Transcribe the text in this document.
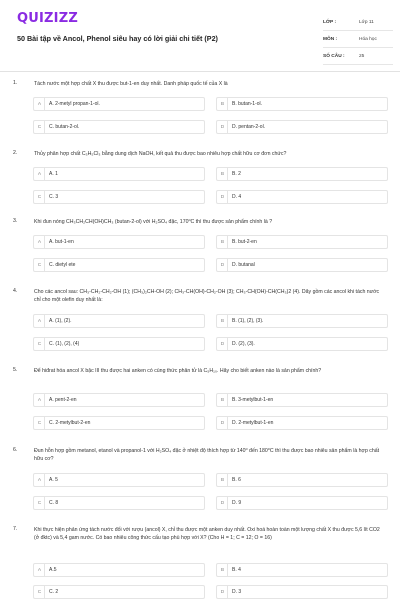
QUIZIZZ
50 Bài tập về Ancol, Phenol siêu hay có lời giải chi tiết (P2)
LỚP :	Lớp 11
MÔN :	Hóa học
SỐ CÂU :	25
1.	Tách nước một hợp chất X thu được but-1-en duy nhất. Danh pháp quốc tế của X là
A	A. 2-metyl propan-1-ol.	B	B. butan-1-ol.
C	C. butan-2-ol.	D	D. pentan-2-ol.
2.	Thủy phân hợp chất C₃H₅Cl₃ bằng dung dịch NaOH, kết quả thu được bao nhiêu hợp chất hữu cơ đơn chức?
A	A. 1	B	B. 2
C	C. 3	D	D. 4
3.	Khi đun nóng CH₃CH₂CH(OH)CH₃ (butan-2-ol) với H₂SO₄ đặc, 170⁰C thì thu được sản phẩm chính là ?
A	A. but-1-en	B	B. but-2-en
C	C. dietyl ete	D	D. butanal
4.	Cho các ancol sau: CH₃-CH₂-CH₂-OH (1); (CH₃)₂CH-OH (2); CH₃-CH(OH)-CH₂-OH (3); CH₃-CH(OH)-CH(CH₃)2 (4). Dãy gồm các ancol khi tách nước chỉ cho một olefin duy nhất là:
A	A. (1), (2).	B	B. (1), (2), (3).
C	C. (1), (2), (4)	D	D. (2), (3).
5.	Để hiđrat hóa ancol X bậc III thu được hai anken có cùng thức phân tử là C₅H₁₀. Hãy cho biết anken nào là sản phẩm chính?
A	A. pent-2-en	B	B. 3-metylbut-1-en
C	C. 2-metylbut-2-en	D	D. 2-metylbut-1-en
6.	Đun hỗn hợp gồm metanol, etanol và propanol-1 với H₂SO₄ đặc ở nhiệt độ thích hợp từ 140⁰ đến 180⁰C thì thu được bao nhiêu sản phẩm là hợp chất hữu cơ?
A	A. 5	B	B. 6
C	C. 8	D	D. 9
7.	Khi thực hiện phản ứng tách nước đối với rượu (ancol) X, chỉ thu được một anken duy nhất. Oxi hoá hoàn toàn một lượng chất X thu được 5,6 lít CO2 (ở đktc) và 5,4 gam nước. Có bao nhiêu công thức cấu tạo phù hợp với X? (Cho H = 1; C = 12; O = 16)
A	A.5	B	B. 4
C	C. 2	D	D. 3
